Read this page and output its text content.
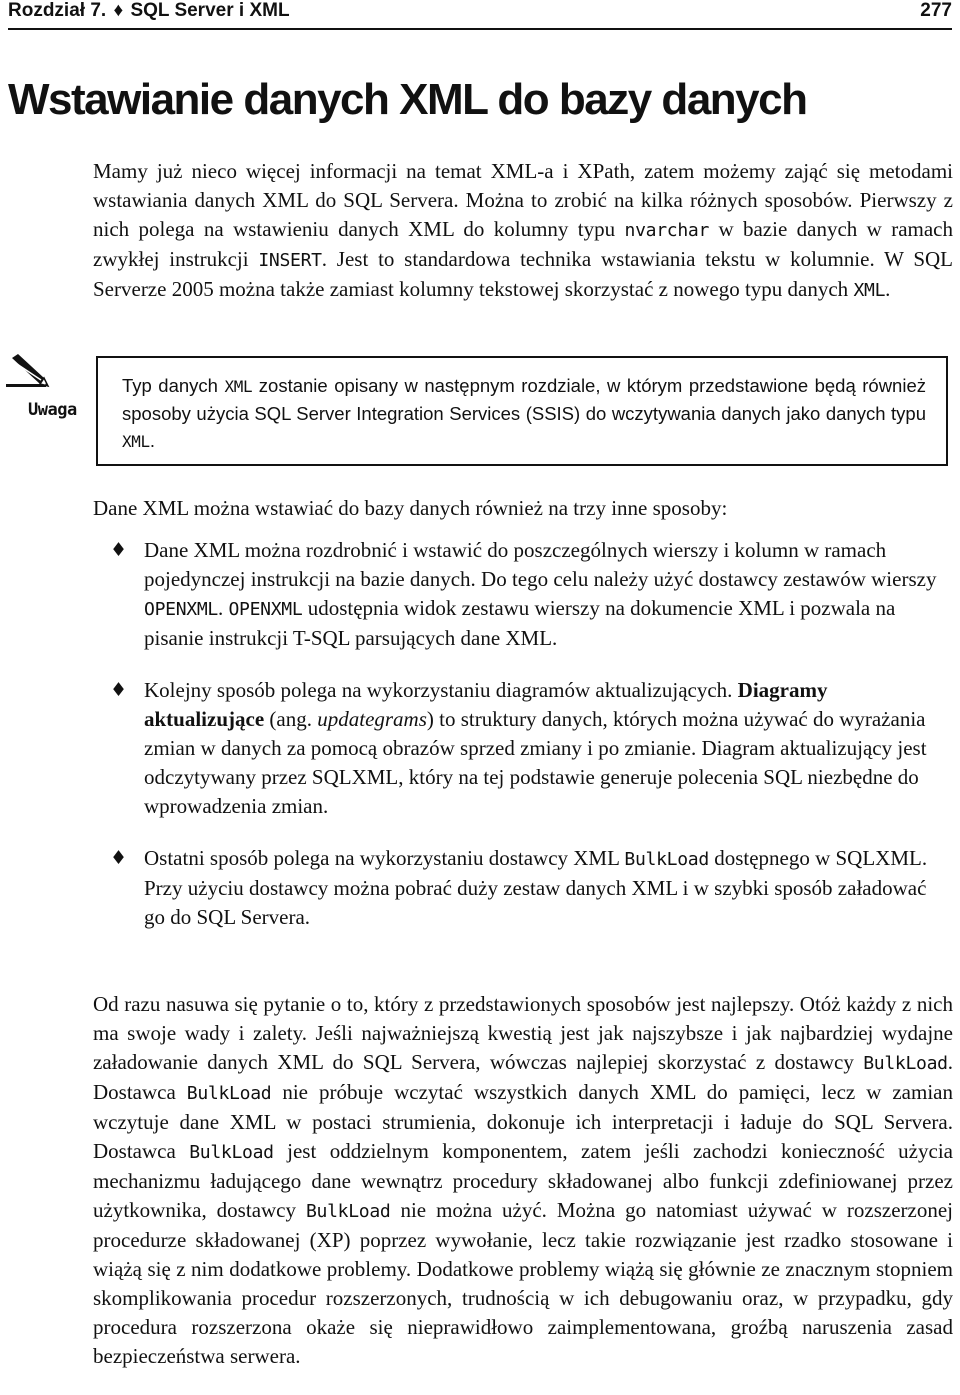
Rozdział 7. ♦ SQL Server i XML	277
Wstawianie danych XML do bazy danych

Mamy już nieco więcej informacji na temat XML-a i XPath, zatem możemy zająć się metodami wstawiania danych XML do SQL Servera. Można to zrobić na kilka różnych sposobów. Pierwszy z nich polega na wstawieniu danych XML do kolumny typu nvarchar w bazie danych w ramach zwykłej instrukcji INSERT. Jest to standardowa technika wstawiania tekstu w kolumnie. W SQL Serverze 2005 można także zamiast kolumny tekstowej skorzystać z nowego typu danych XML.

Uwaga

Typ danych XML zostanie opisany w następnym rozdziale, w którym przedstawione będą również sposoby użycia SQL Server Integration Services (SSIS) do wczytywania danych jako danych typu XML.

Dane XML można wstawiać do bazy danych również na trzy inne sposoby:

♦ Dane XML można rozdrobnić i wstawić do poszczególnych wierszy i kolumn w ramach pojedynczej instrukcji na bazie danych. Do tego celu należy użyć dostawcy zestawów wierszy OPENXML. OPENXML udostępnia widok zestawu wierszy na dokumencie XML i pozwala na pisanie instrukcji T-SQL parsujących dane XML.
♦ Kolejny sposób polega na wykorzystaniu diagramów aktualizujących. Diagramy aktualizujące (ang. updategrams) to struktury danych, których można używać do wyrażania zmian w danych za pomocą obrazów sprzed zmiany i po zmianie. Diagram aktualizujący jest odczytywany przez SQLXML, który na tej podstawie generuje polecenia SQL niezbędne do wprowadzenia zmian.
♦ Ostatni sposób polega na wykorzystaniu dostawcy XML BulkLoad dostępnego w SQLXML. Przy użyciu dostawcy można pobrać duży zestaw danych XML i w szybki sposób załadować go do SQL Servera.

Od razu nasuwa się pytanie o to, który z przedstawionych sposobów jest najlepszy. Otóż każdy z nich ma swoje wady i zalety. Jeśli najważniejszą kwestią jest jak najszybsze i jak najbardziej wydajne załadowanie danych XML do SQL Servera, wówczas najlepiej skorzystać z dostawcy BulkLoad. Dostawca BulkLoad nie próbuje wczytać wszystkich danych XML do pamięci, lecz w zamian wczytuje dane XML w postaci strumienia, dokonuje ich interpretacji i ładuje do SQL Servera. Dostawca BulkLoad jest oddzielnym komponentem, zatem jeśli zachodzi konieczność użycia mechanizmu ładującego dane wewnątrz procedury składowanej albo funkcji zdefiniowanej przez użytkownika, dostawcy BulkLoad nie można użyć. Można go natomiast używać w rozszerzonej procedurze składowanej (XP) poprzez wywołanie, lecz takie rozwiązanie jest rzadko stosowane i wiążą się z nim dodatkowe problemy. Dodatkowe problemy wiążą się głównie ze znacznym stopniem skomplikowania procedur rozszerzonych, trudnością w ich debugowaniu oraz, w przypadku, gdy procedura rozszerzona okaże się nieprawidłowo zaimplementowana, groźbą naruszenia zasad bezpieczeństwa serwera.
